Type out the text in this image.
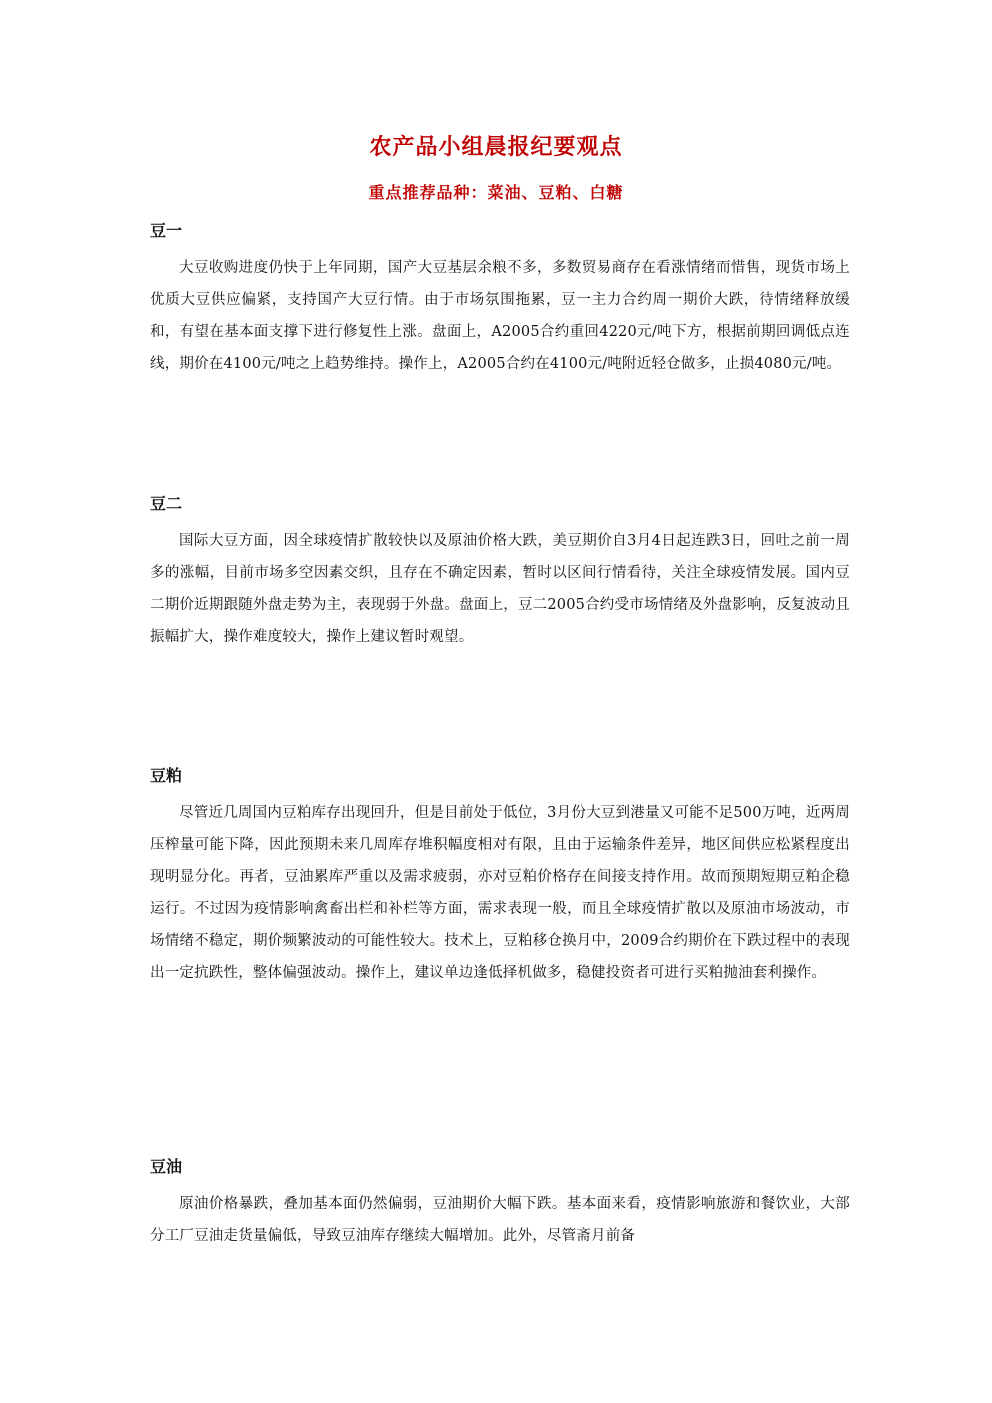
农产品小组晨报纪要观点
重点推荐品种：菜油、豆粕、白糖
豆一

大豆收购进度仍快于上年同期，国产大豆基层余粮不多，多数贸易商存在看涨情绪而惜售，现货市场上优质大豆供应偏紧，支持国产大豆行情。由于市场氛围拖累，豆一主力合约周一期价大跌，待情绪释放缓和，有望在基本面支撑下进行修复性上涨。盘面上，A2005合约重回4220元/吨下方，根据前期回调低点连线，期价在4100元/吨之上趋势维持。操作上，A2005合约在4100元/吨附近轻仓做多，止损4080元/吨。

豆二

国际大豆方面，因全球疫情扩散较快以及原油价格大跌，美豆期价自3月4日起连跌3日，回吐之前一周多的涨幅，目前市场多空因素交织，且存在不确定因素，暂时以区间行情看待，关注全球疫情发展。国内豆二期价近期跟随外盘走势为主，表现弱于外盘。盘面上，豆二2005合约受市场情绪及外盘影响，反复波动且振幅扩大，操作难度较大，操作上建议暂时观望。

豆粕

尽管近几周国内豆粕库存出现回升，但是目前处于低位，3月份大豆到港量又可能不足500万吨，近两周压榨量可能下降，因此预期未来几周库存堆积幅度相对有限，且由于运输条件差异，地区间供应松紧程度出现明显分化。再者，豆油累库严重以及需求疲弱，亦对豆粕价格存在间接支持作用。故而预期短期豆粕企稳运行。不过因为疫情影响禽畜出栏和补栏等方面，需求表现一般，而且全球疫情扩散以及原油市场波动，市场情绪不稳定，期价频繁波动的可能性较大。技术上，豆粕移仓换月中，2009合约期价在下跌过程中的表现出一定抗跌性，整体偏强波动。操作上，建议单边逢低择机做多，稳健投资者可进行买粕抛油套利操作。

豆油

原油价格暴跌，叠加基本面仍然偏弱，豆油期价大幅下跌。基本面来看，疫情影响旅游和餐饮业，大部分工厂豆油走货量偏低，导致豆油库存继续大幅增加。此外，尽管斋月前备
